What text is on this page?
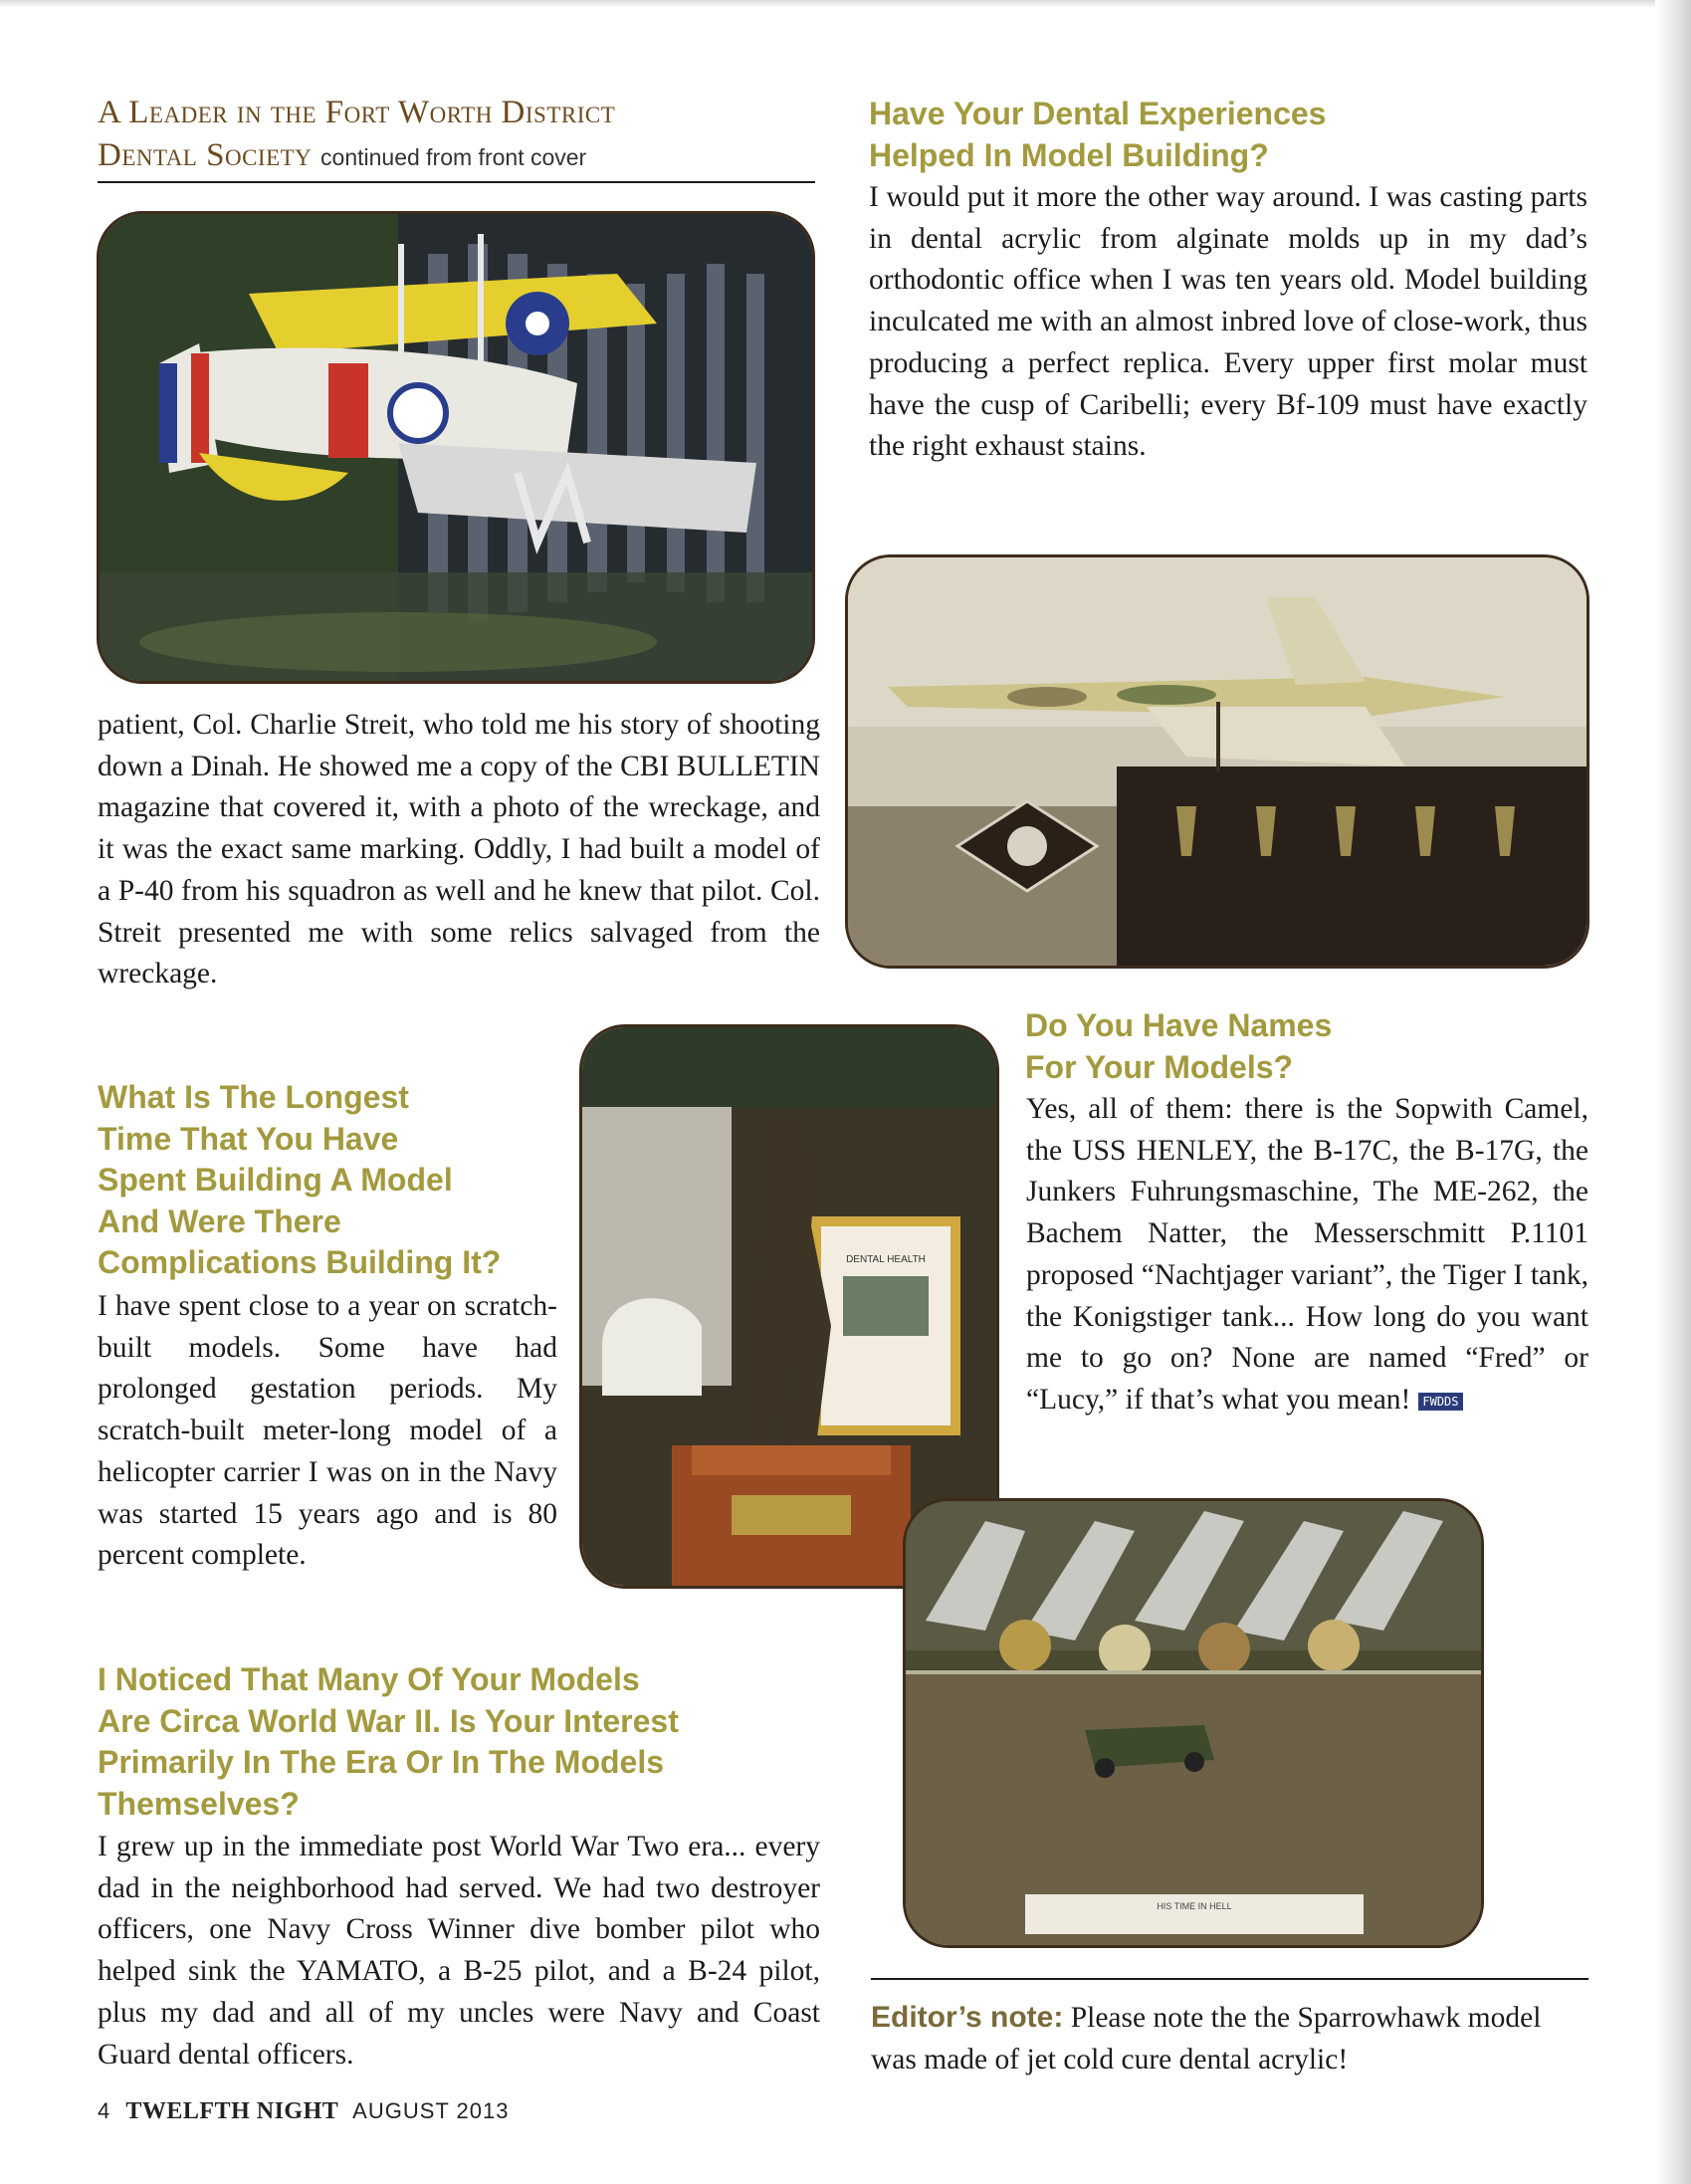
A Leader in the Fort Worth District
Dental Society continued from front cover
patient, Col. Charlie Streit, who told me his story of shooting down a Dinah. He showed me a copy of the CBI BULLETIN magazine that covered it, with a photo of the wreckage, and it was the exact same marking. Oddly, I had built a model of a P-40 from his squadron as well and he knew that pilot. Col. Streit presented me with some relics salvaged from the wreckage.
Have Your Dental Experiences
Helped In Model Building?
I would put it more the other way around. I was casting parts in dental acrylic from alginate molds up in my dad’s orthodontic office when I was ten years old. Model building inculcated me with an almost inbred love of close-work, thus producing a perfect replica. Every upper first molar must have the cusp of Caribelli; every Bf-109 must have exactly the right exhaust stains.
DENTAL HEALTH
What Is The Longest
Time That You Have
Spent Building A Model
And Were There
Complications Building It?
I have spent close to a year on scratch-built models. Some have had prolonged gestation periods. My scratch-built meter-long model of a helicopter carrier I was on in the Navy was started 15 years ago and is 80 percent complete.
Do You Have Names
For Your Models?
Yes, all of them: there is the Sopwith Camel, the USS HENLEY, the B-17C, the B-17G, the Junkers Fuhrungsmaschine, The ME-262, the Bachem Natter, the Messerschmitt P.1101 proposed “Nachtjager variant”, the Tiger I tank, the Konigstiger tank... How long do you want me to go on? None are named “Fred” or “Lucy,” if that’s what you mean! FWDDS
HIS TIME IN HELL
I Noticed That Many Of Your Models
Are Circa World War II. Is Your Interest
Primarily In The Era Or In The Models
Themselves?
I grew up in the immediate post World War Two era... every dad in the neighborhood had served. We had two destroyer officers, one Navy Cross Winner dive bomber pilot who helped sink the YAMATO, a B-25 pilot, and a B-24 pilot, plus my dad and all of my uncles were Navy and Coast Guard dental officers.
Editor’s note: Please note the the Sparrowhawk model was made of jet cold cure dental acrylic!
4 TWELFTH NIGHT AUGUST 2013
